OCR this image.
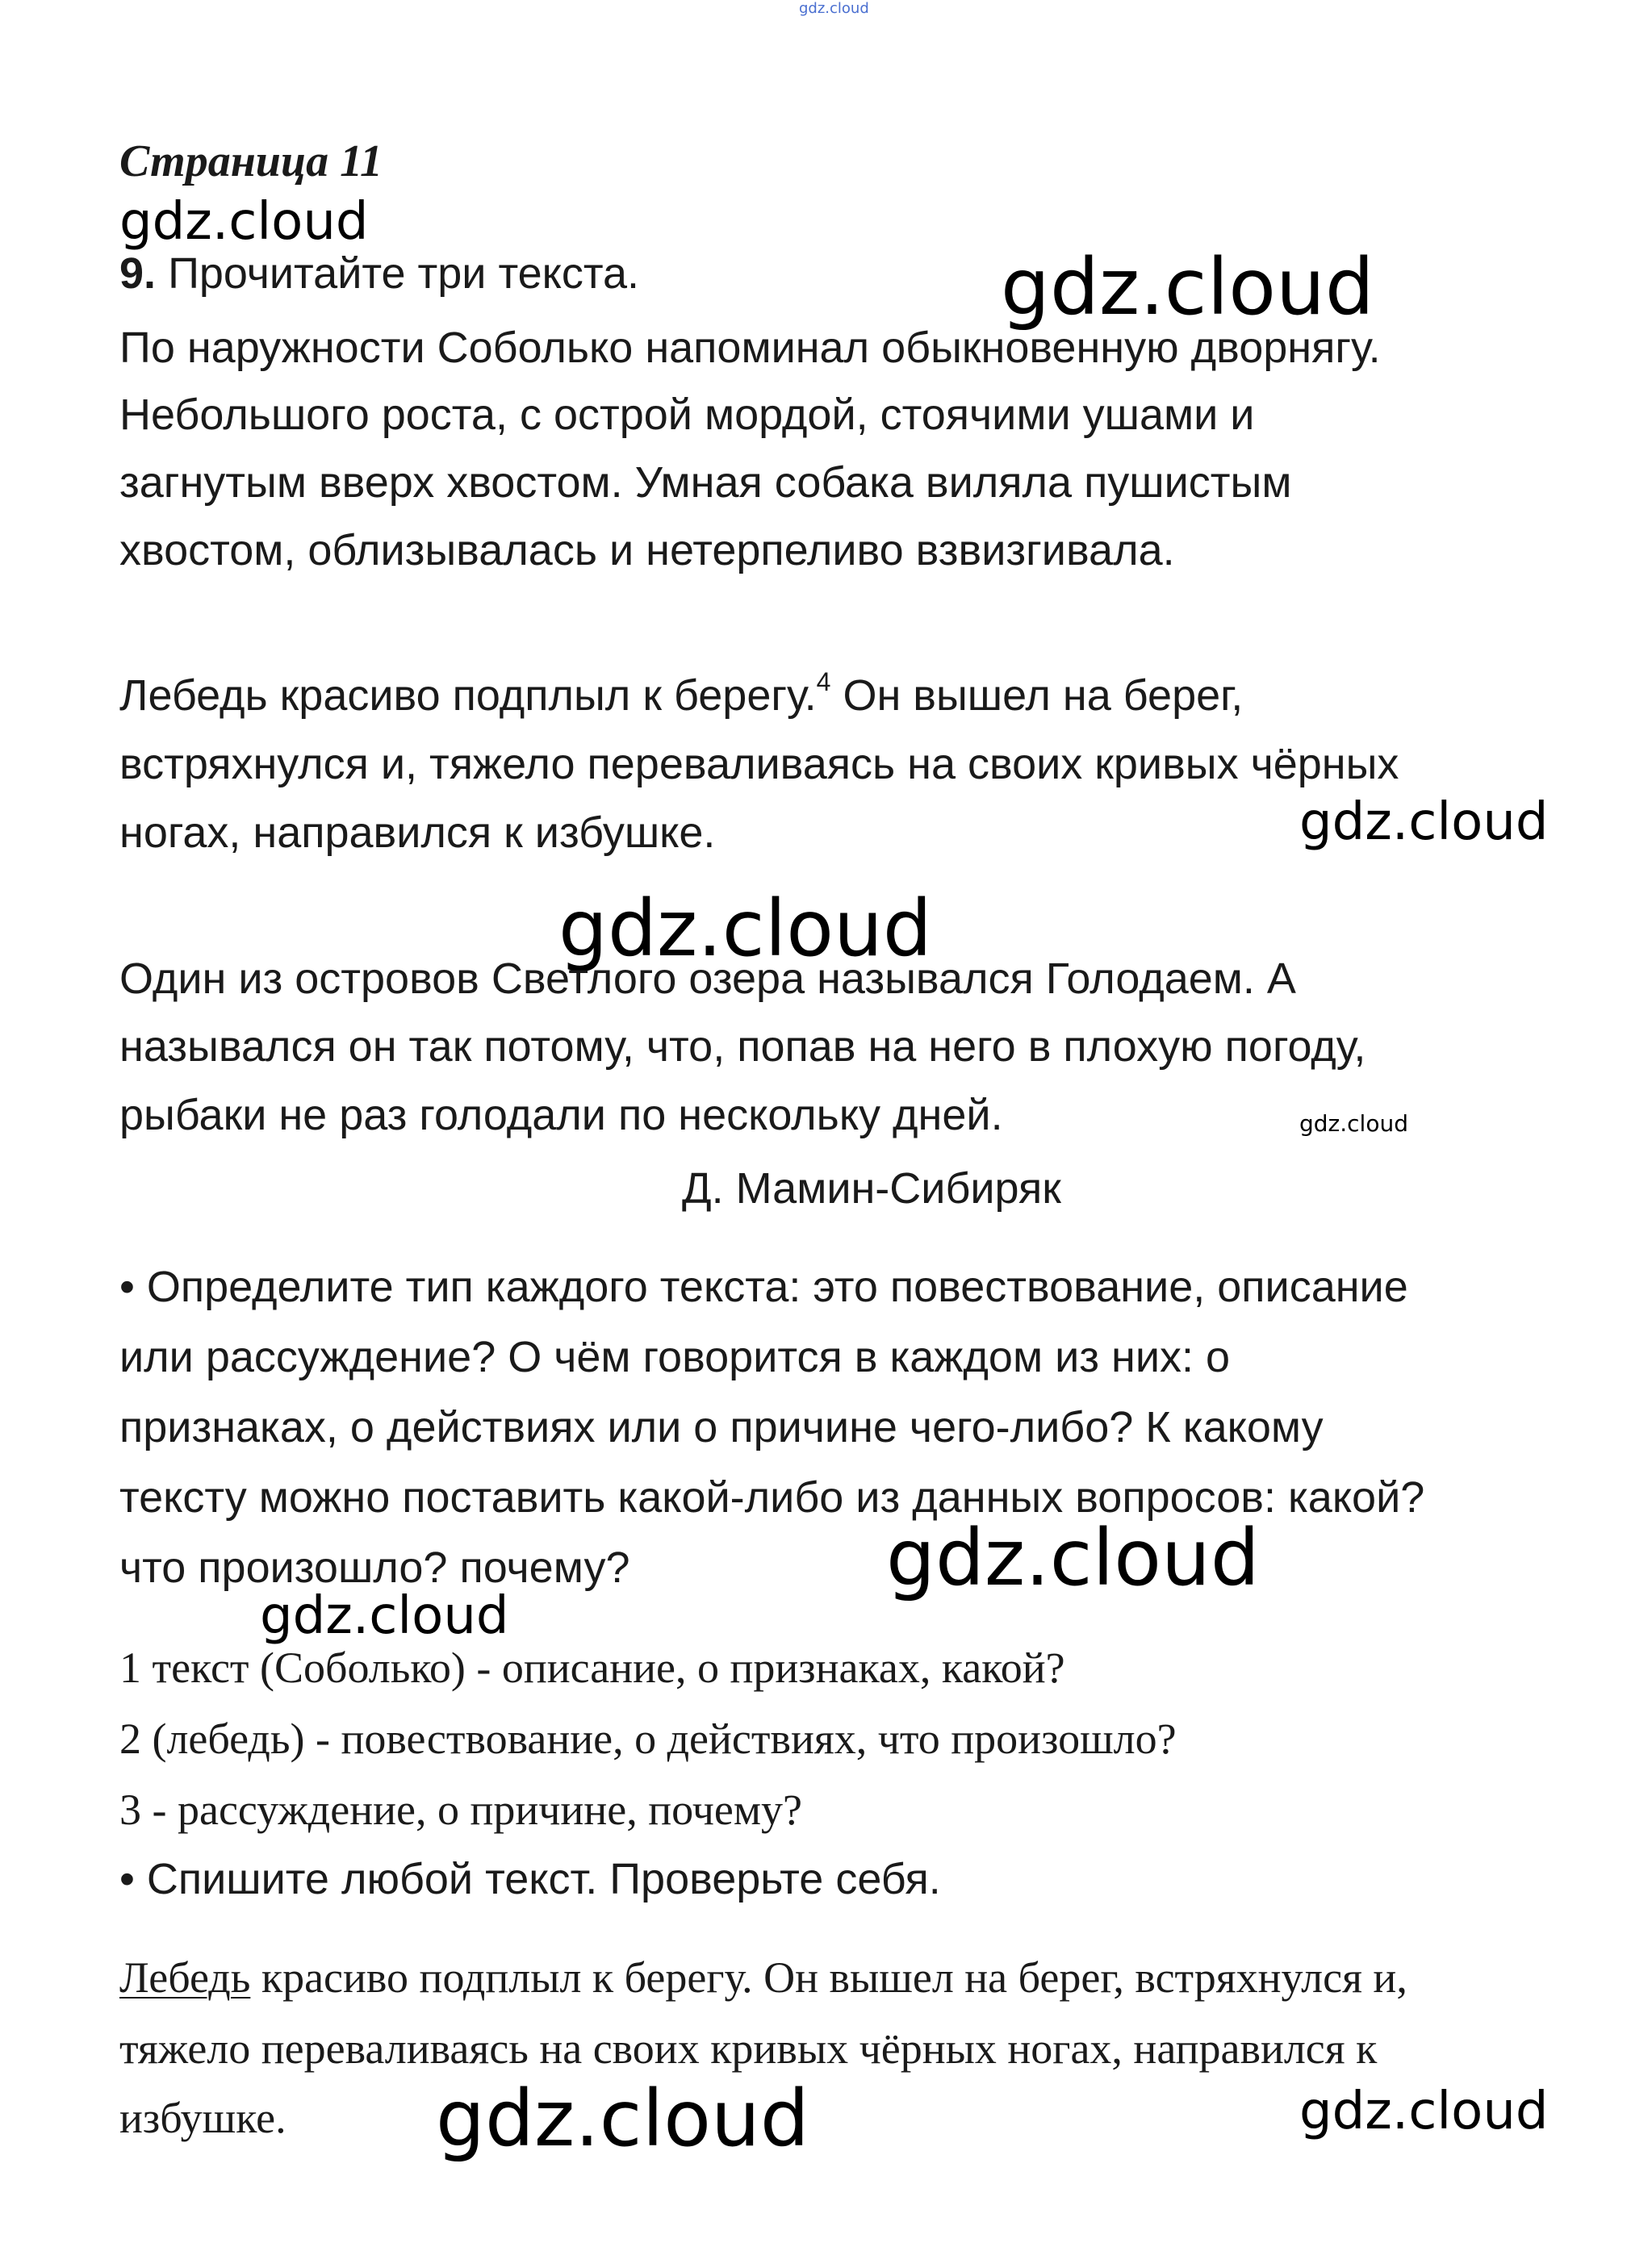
gdz.cloud
gdz.cloud
gdz.cloud
gdz.cloud
gdz.cloud
gdz.cloud
gdz.cloud
gdz.cloud
gdz.cloud	gdz.cloud
Страница 11
9. Прочитайте три текста.
По наружности Соболько напоминал обыкновенную дворнягу.
Небольшого роста, с острой мордой, стоячими ушами и
загнутым вверх хвостом. Умная собака виляла пушистым
хвостом, облизывалась и нетерпеливо взвизгивала.
Лебедь красиво подплыл к берегу.$^4$ Он вышел на берег,
встряхнулся и, тяжело переваливаясь на своих кривых чёрных
ногах, направился к избушке.
Один из островов Светлого озера назывался Голодаем. А
назывался он так потому, что, попав на него в плохую погоду,
рыбаки не раз голодали по нескольку дней.
Д. Мамин-Сибиряк
• Определите тип каждого текста: это повествование, описание
или рассуждение? О чём говорится в каждом из них: о
признаках, о действиях или о причине чего-либо? К какому
тексту можно поставить какой-либо из данных вопросов: какой?
что произошло? почему?
1 текст (Соболько) - описание, о признаках, какой?
2 (лебедь) - повествование, о действиях, что произошло?
3 - рассуждение, о причине, почему?
• Спишите любой текст. Проверьте себя.
Лебедь красиво подплыл к берегу. Он вышел на берег, встряхнулся и,
тяжело переваливаясь на своих кривых чёрных ногах, направился к
избушке.
